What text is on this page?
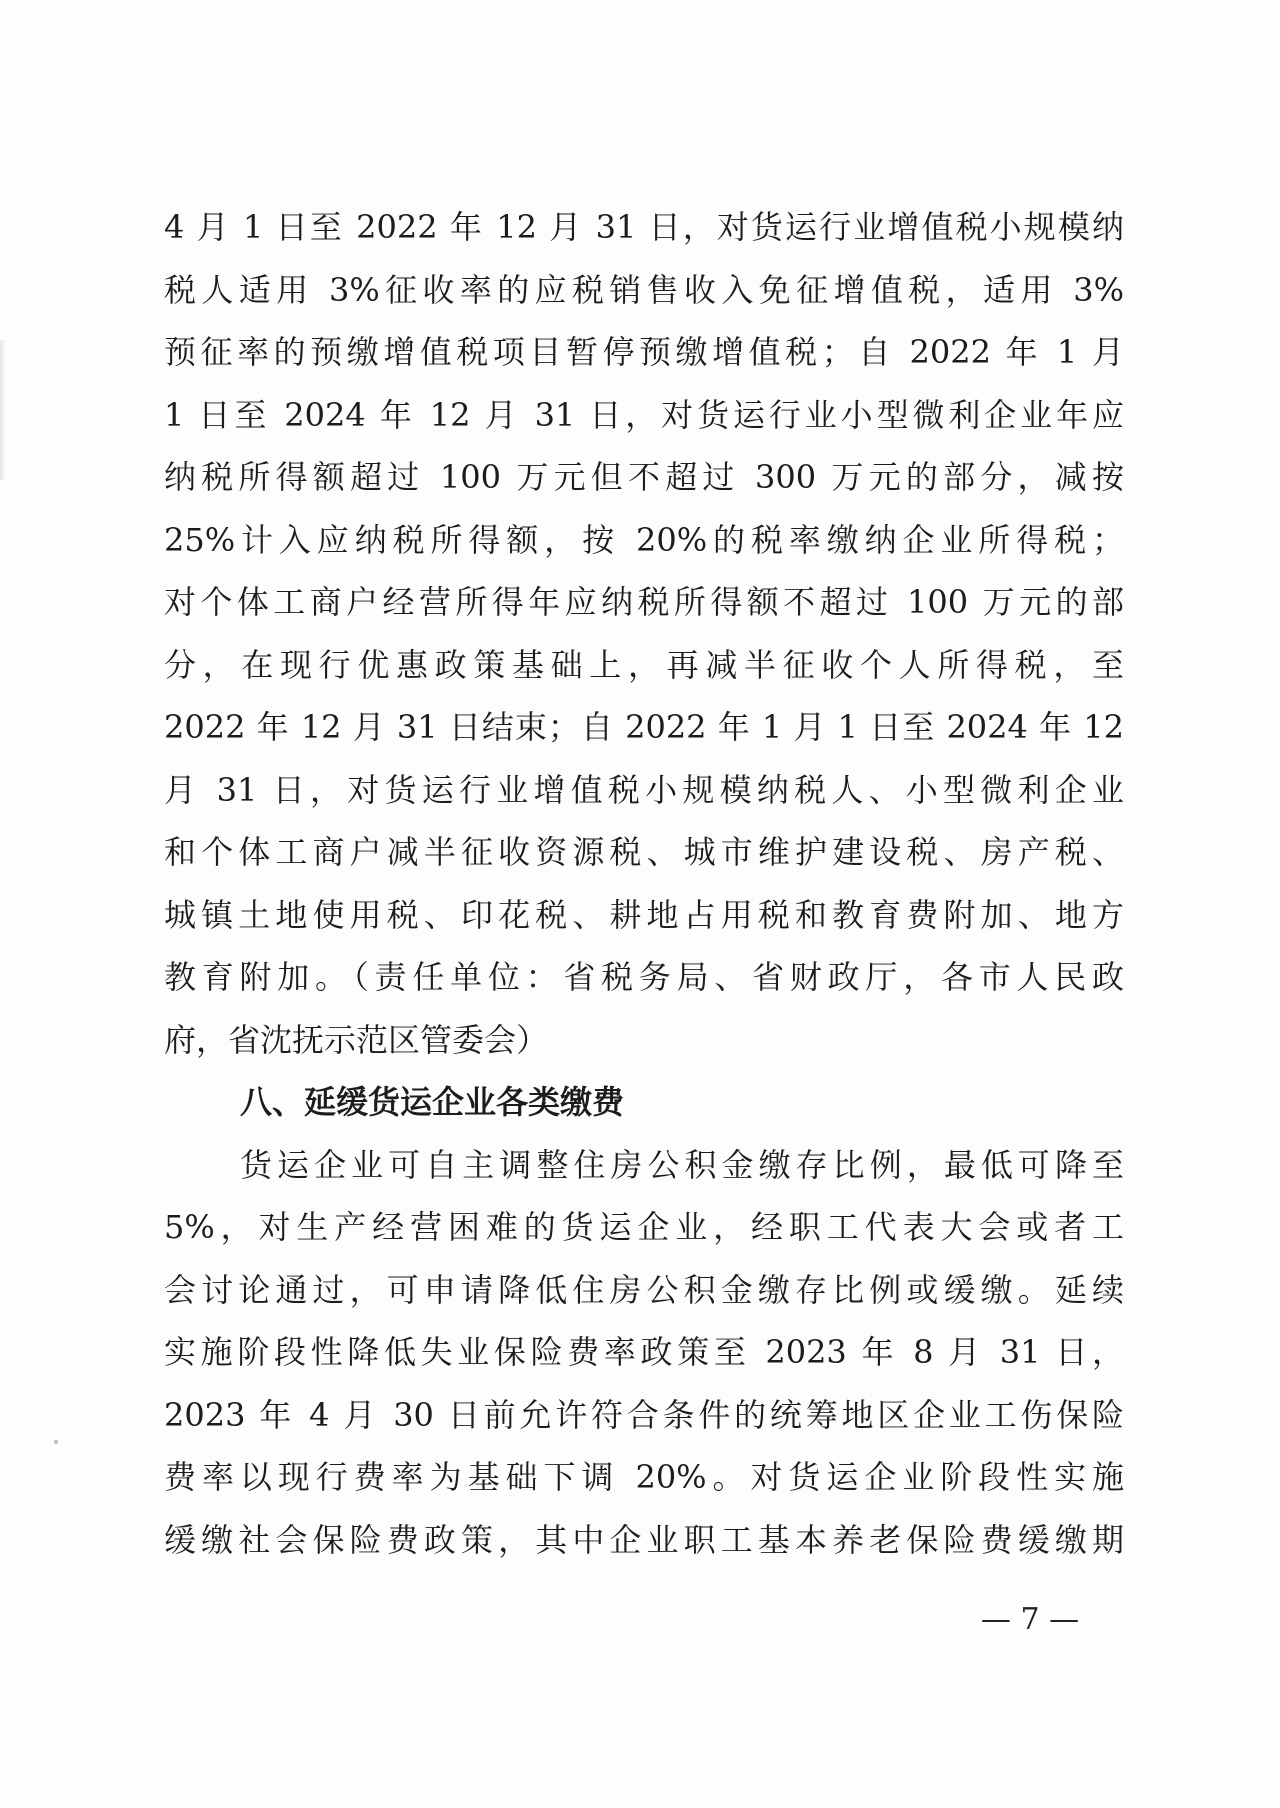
4 月 1 日至 2022 年 12 月 31 日，对货运行业增值税小规模纳
税人适用 3%征收率的应税销售收入免征增值税，适用 3%
预征率的预缴增值税项目暂停预缴增值税；自 2022 年 1 月
1 日至 2024 年 12 月 31 日，对货运行业小型微利企业年应
纳税所得额超过 100 万元但不超过 300 万元的部分，减按
25%计入应纳税所得额，按 20%的税率缴纳企业所得税；
对个体工商户经营所得年应纳税所得额不超过 100 万元的部
分，在现行优惠政策基础上，再减半征收个人所得税，至
2022 年 12 月 31 日结束；自 2022 年 1 月 1 日至 2024 年 12
月 31 日，对货运行业增值税小规模纳税人、小型微利企业
和个体工商户减半征收资源税、城市维护建设税、房产税、
城镇土地使用税、印花税、耕地占用税和教育费附加、地方
教育附加。（责任单位：省税务局、省财政厅，各市人民政
府，省沈抚示范区管委会）
八、延缓货运企业各类缴费
货运企业可自主调整住房公积金缴存比例，最低可降至
5%，对生产经营困难的货运企业，经职工代表大会或者工
会讨论通过，可申请降低住房公积金缴存比例或缓缴。延续
实施阶段性降低失业保险费率政策至 2023 年 8 月 31 日，
2023 年 4 月 30 日前允许符合条件的统筹地区企业工伤保险
费率以现行费率为基础下调 20%。对货运企业阶段性实施
缓缴社会保险费政策，其中企业职工基本养老保险费缓缴期
— 7 —
